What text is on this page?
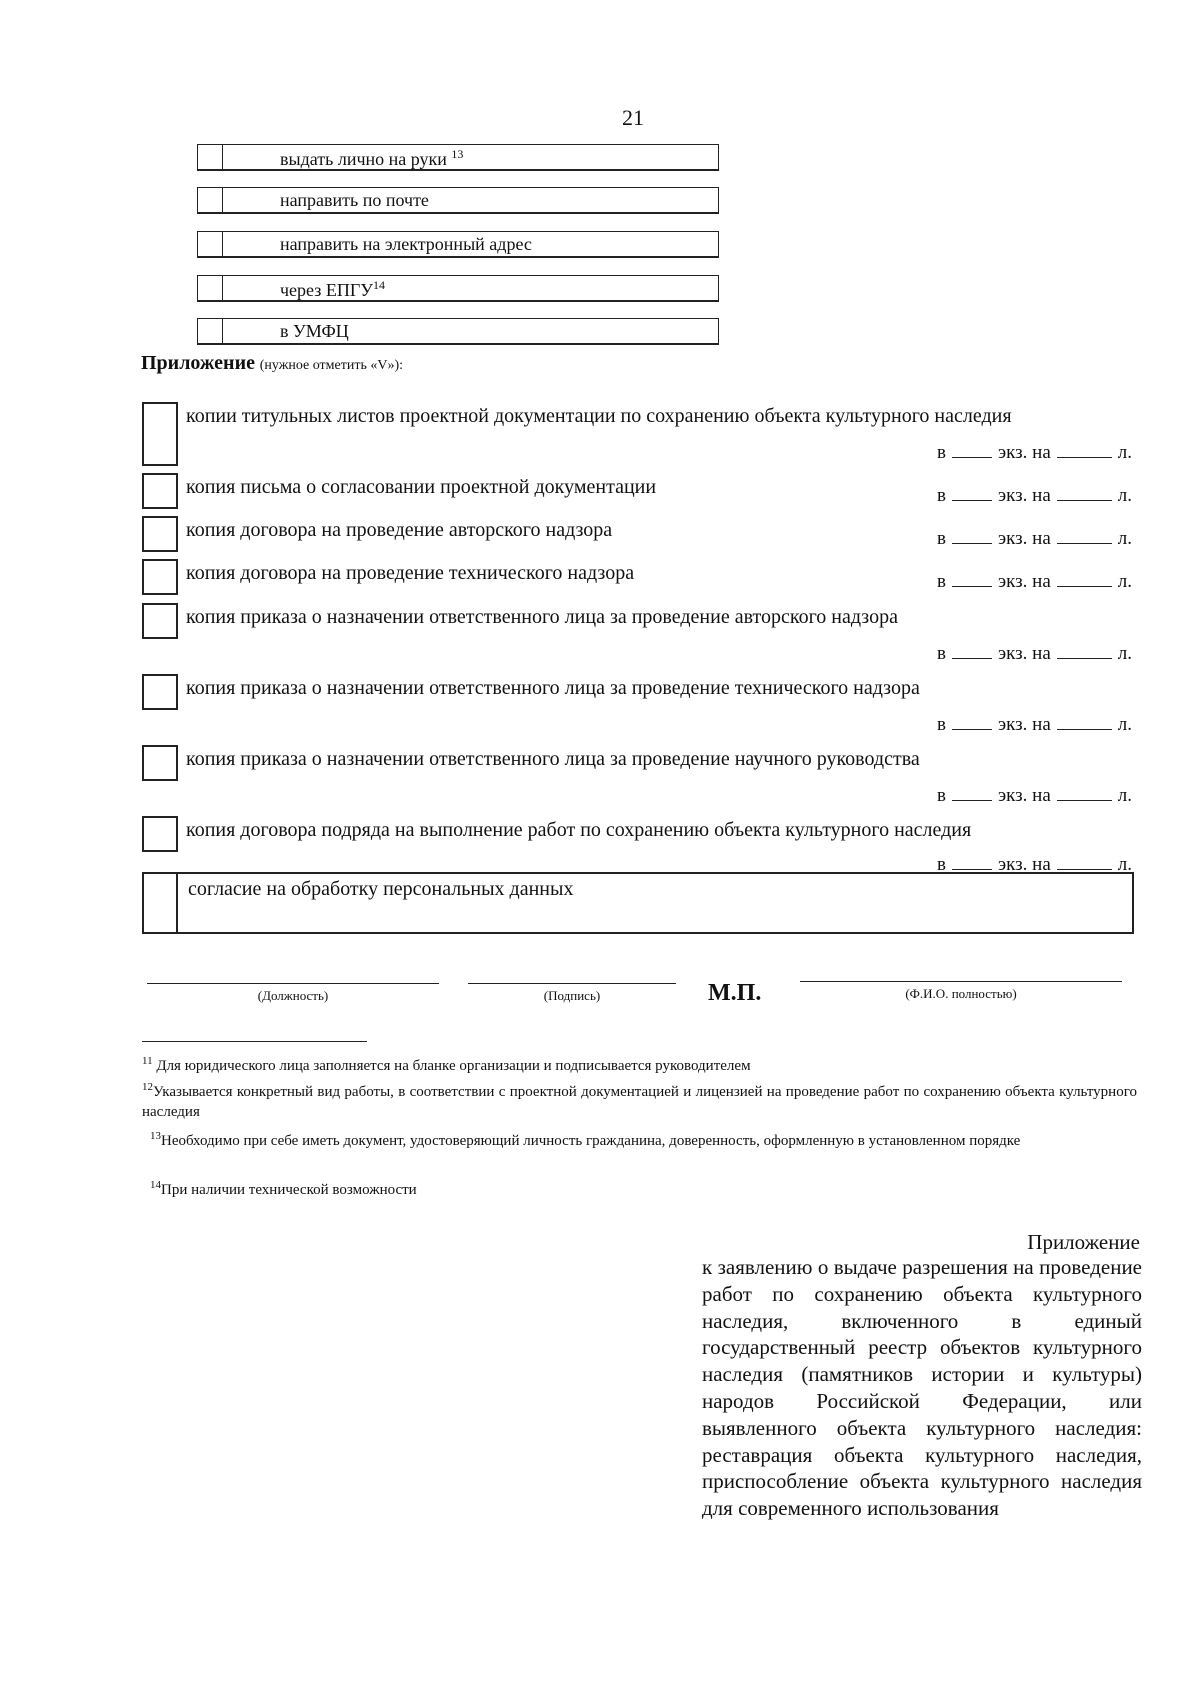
21
выдать лично на руки $^{13}$
направить по почте
направить на электронный адрес
через ЕПГУ$^{14}$
в УМФЦ
Приложение (нужное отметить «V»):
копии титульных листов проектной документации по сохранению объекта культурного наследия
в	экз. на	л.
копия письма о согласовании проектной документации	в	экз. на	л.
копия договора на проведение авторского надзора	в	экз. на	л.
копия договора на проведение технического надзора	в	экз. на	л.
копия приказа о назначении ответственного лица за проведение авторского надзора
в	экз. на	л.
копия приказа о назначении ответственного лица за проведение технического надзора
в	экз. на	л.
копия приказа о назначении ответственного лица за проведение научного руководства
в	экз. на	л.
копия договора подряда на выполнение работ по сохранению объекта культурного наследия
в	экз. на	л.
согласие на обработку персональных данных
(Должность)	(Подпись)	М.П.	(Ф.И.О. полностью)
$^{11}$ Для юридического лица заполняется на бланке организации и подписывается руководителем
$^{12}$Указывается конкретный вид работы, в соответствии с проектной документацией и лицензией на проведение работ по сохранению объекта культурного наследия
$^{13}$Необходимо при себе иметь документ, удостоверяющий личность гражданина, доверенность, оформленную в установленном порядке
$^{14}$При наличии технической возможности
Приложение
к заявлению о выдаче разрешения на проведение работ по сохранению объекта культурного наследия, включенного в единый государственный реестр объектов культурного наследия (памятников истории и культуры) народов Российской Федерации, или выявленного объекта культурного наследия: реставрация объекта культурного наследия, приспособление объекта культурного наследия для современного использования
